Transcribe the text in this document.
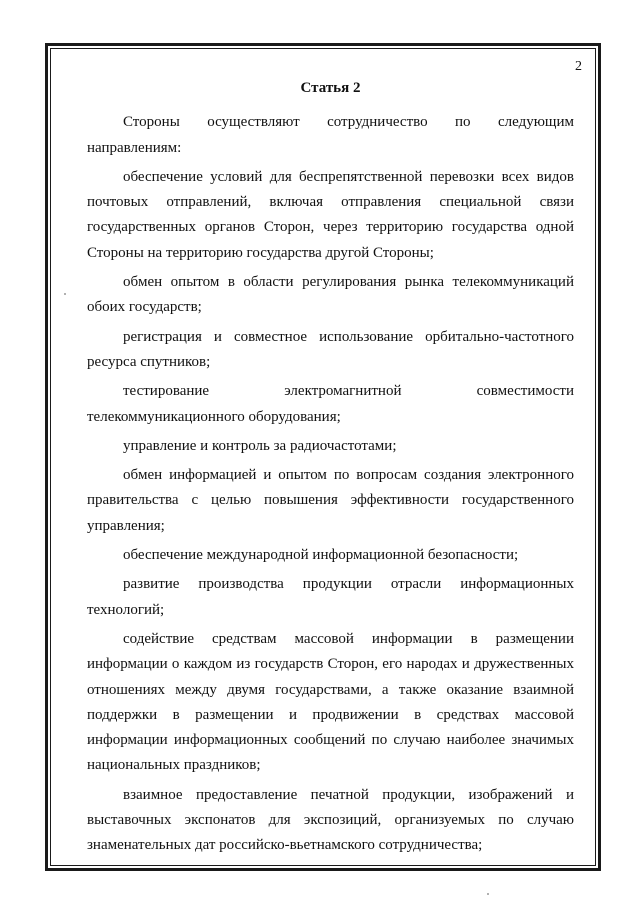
2
Статья 2

Стороны осуществляют сотрудничество по следующим направлениям:

обеспечение условий для беспрепятственной перевозки всех видов почтовых отправлений, включая отправления специальной связи государственных органов Сторон, через территорию государства одной Стороны на территорию государства другой Стороны;

обмен опытом в области регулирования рынка телекоммуникаций обоих государств;

регистрация и совместное использование орбитально-частотного ресурса спутников;

тестирование электромагнитной совместимости телекоммуникационного оборудования;

управление и контроль за радиочастотами;

обмен информацией и опытом по вопросам создания электронного правительства с целью повышения эффективности государственного управления;

обеспечение международной информационной безопасности;

развитие производства продукции отрасли информационных технологий;

содействие средствам массовой информации в размещении информации о каждом из государств Сторон, его народах и дружественных отношениях между двумя государствами, а также оказание взаимной поддержки в размещении и продвижении в средствах массовой информации информационных сообщений по случаю наиболее значимых национальных праздников;

взаимное предоставление печатной продукции, изображений и выставочных экспонатов для экспозиций, организуемых по случаю знаменательных дат российско-вьетнамского сотрудничества;
